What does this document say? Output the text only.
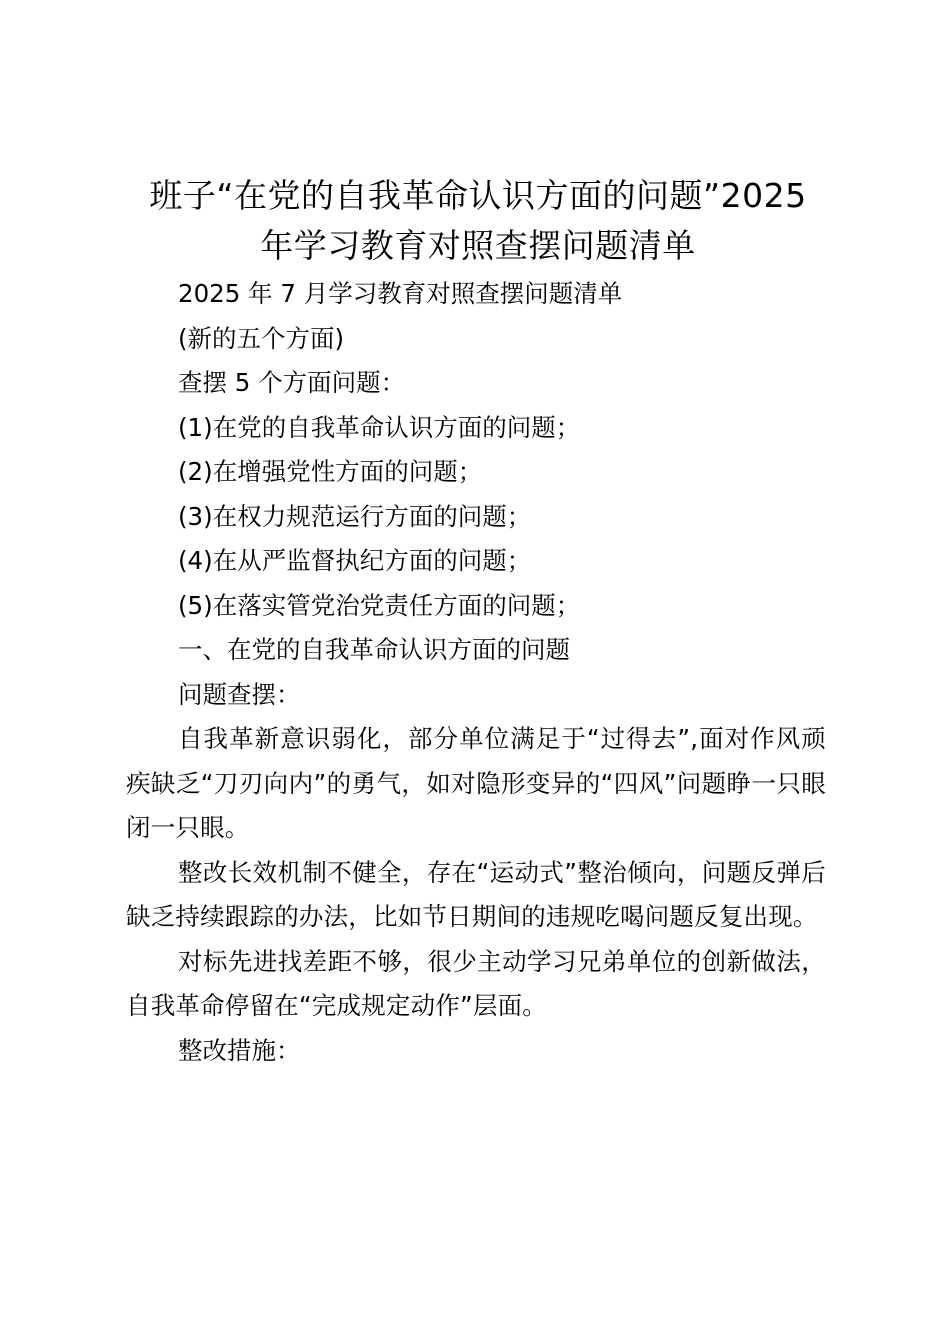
班子“在党的自我革命认识方面的问题”2025
年学习教育对照查摆问题清单
2025 年 7 月学习教育对照查摆问题清单
(新的五个方面)
查摆 5 个方面问题：
(1)在党的自我革命认识方面的问题；
(2)在增强党性方面的问题；
(3)在权力规范运行方面的问题；
(4)在从严监督执纪方面的问题；
(5)在落实管党治党责任方面的问题；
一、在党的自我革命认识方面的问题
问题查摆：
自我革新意识弱化，部分单位满足于“过得去”,面对作风顽疾缺乏“刀刃向内”的勇气，如对隐形变异的“四风”问题睁一只眼闭一只眼。
整改长效机制不健全，存在“运动式”整治倾向，问题反弹后缺乏持续跟踪的办法，比如节日期间的违规吃喝问题反复出现。
对标先进找差距不够，很少主动学习兄弟单位的创新做法，自我革命停留在“完成规定动作”层面。
整改措施：
